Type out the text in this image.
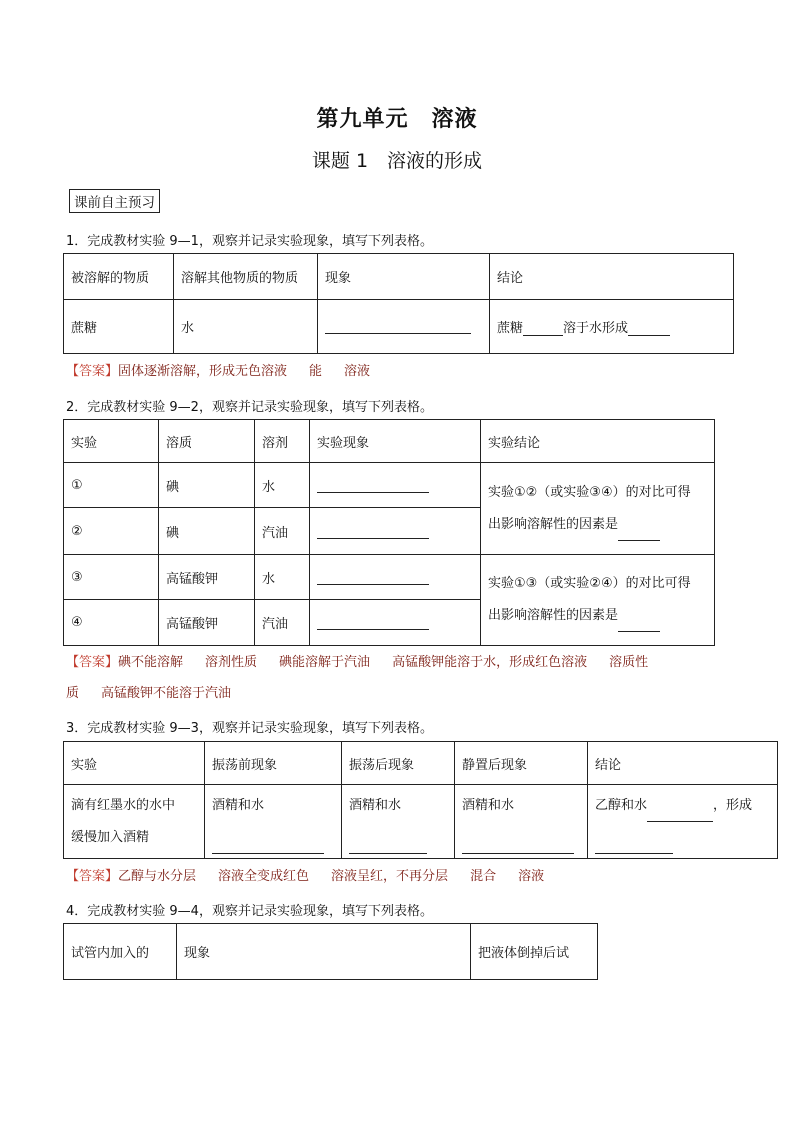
第九单元　溶液
课题 1　溶液的形成
课前自主预习
1．完成教材实验 9—1，观察并记录实验现象，填写下列表格。
被溶解的物质	溶解其他物质的物质	现象	结论
蔗糖	水		蔗糖 溶于水形成
【答案】固体逐渐溶解，形成无色溶液 能 溶液
2．完成教材实验 9—2，观察并记录实验现象，填写下列表格。
实验	溶质	溶剂	实验现象	实验结论
①	碘	水		实验①②（或实验③④）的对比可得
出影响溶解性的因素是

②	碘	汽油		
③	高锰酸钾	水		实验①③（或实验②④）的对比可得
出影响溶解性的因素是

④	高锰酸钾	汽油		
【答案】碘不能溶解 溶剂性质 碘能溶解于汽油 高锰酸钾能溶于水，形成红色溶液 溶质性
质 高锰酸钾不能溶于汽油
3．完成教材实验 9—3，观察并记录实验现象，填写下列表格。
实验	振荡前现象	振荡后现象	静置后现象	结论

滴有红墨水的水中
缓慢加入酒精	酒精和水	酒精和水	酒精和水	乙醇和水 ，形成
【答案】乙醇与水分层 溶液全变成红色 溶液呈红，不再分层 混合 溶液
4．完成教材实验 9—4，观察并记录实验现象，填写下列表格。
试管内加入的	现象	把液体倒掉后试
